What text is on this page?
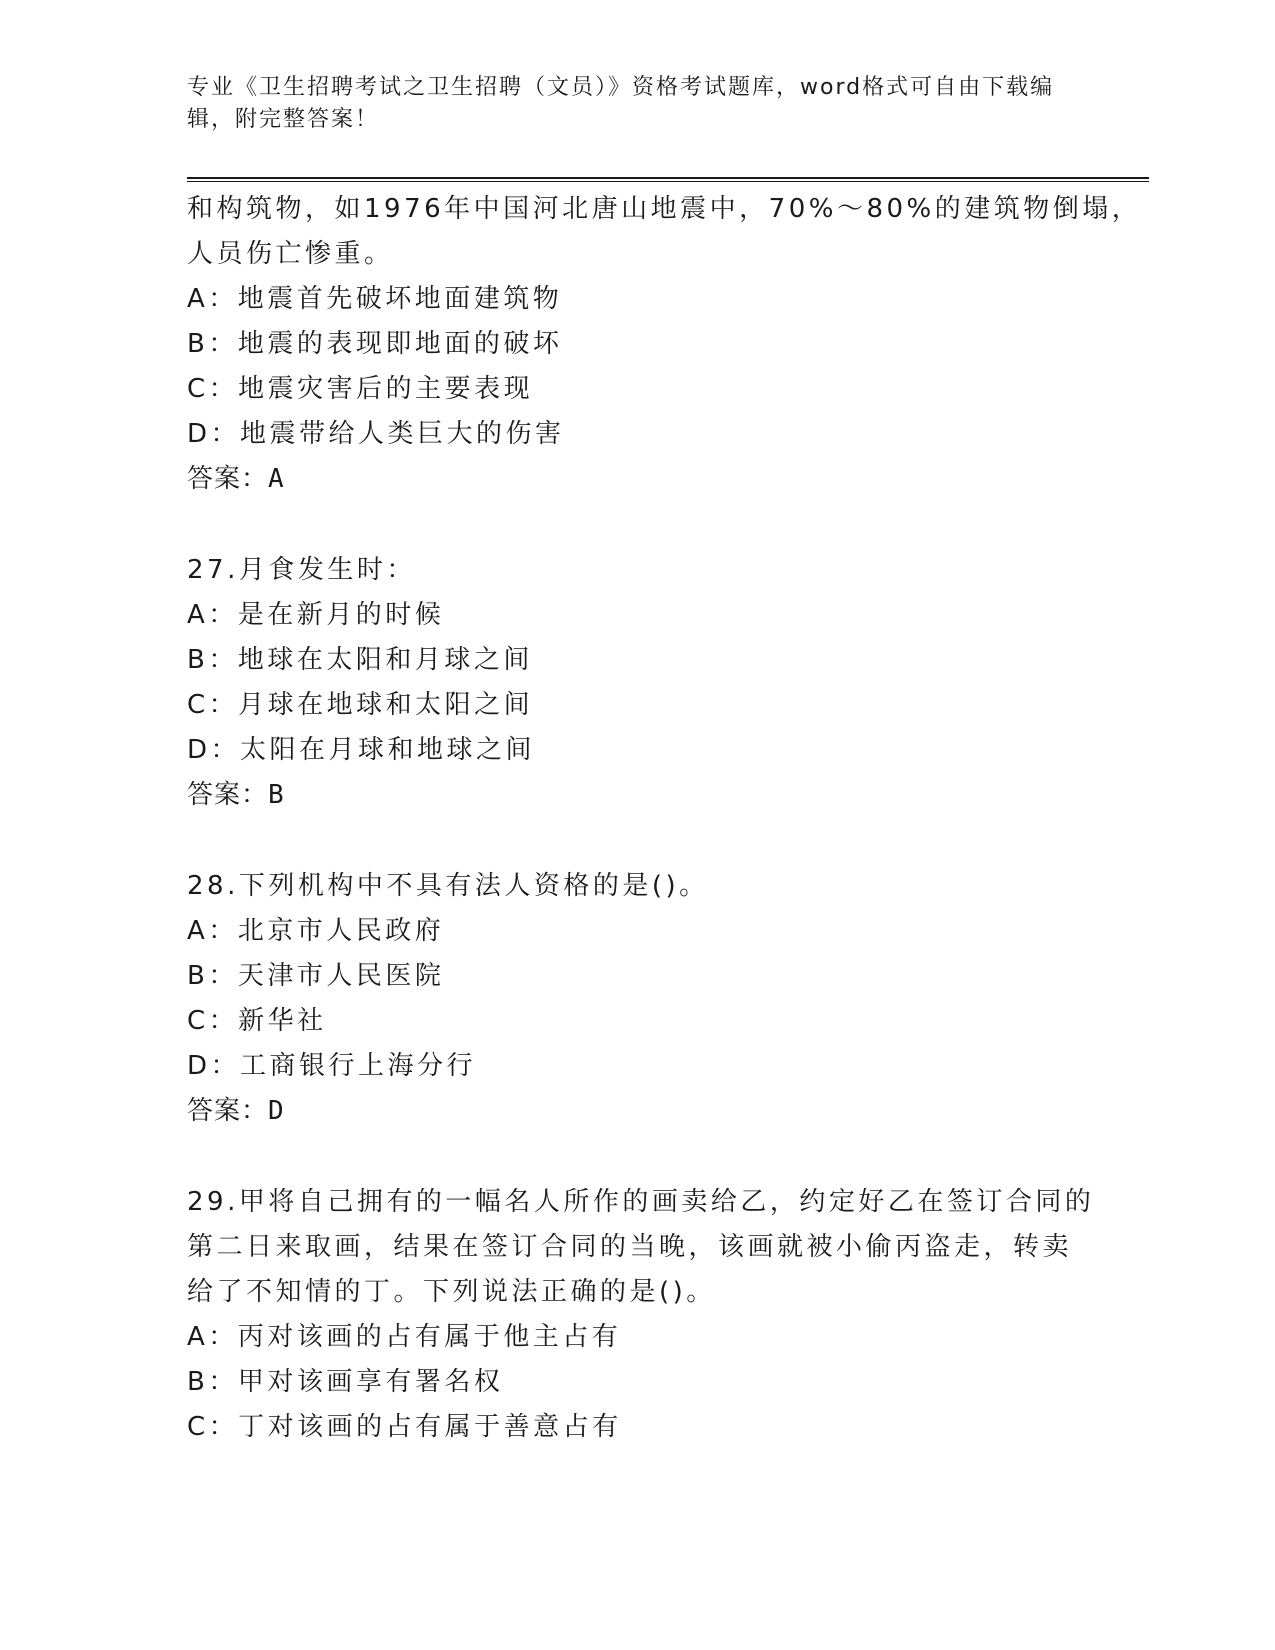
专业《卫生招聘考试之卫生招聘（文员）》资格考试题库，word格式可自由下载编辑，附完整答案！
和构筑物，如1976年中国河北唐山地震中，70%～80%的建筑物倒塌，
人员伤亡惨重。
A：地震首先破坏地面建筑物
B：地震的表现即地面的破坏
C：地震灾害后的主要表现
D：地震带给人类巨大的伤害
答案：A
27.月食发生时：
A：是在新月的时候
B：地球在太阳和月球之间
C：月球在地球和太阳之间
D：太阳在月球和地球之间
答案：B
28.下列机构中不具有法人资格的是()。
A：北京市人民政府
B：天津市人民医院
C：新华社
D：工商银行上海分行
答案：D
29.甲将自己拥有的一幅名人所作的画卖给乙，约定好乙在签订合同的
第二日来取画，结果在签订合同的当晚，该画就被小偷丙盗走，转卖
给了不知情的丁。下列说法正确的是()。
A：丙对该画的占有属于他主占有
B：甲对该画享有署名权
C：丁对该画的占有属于善意占有
